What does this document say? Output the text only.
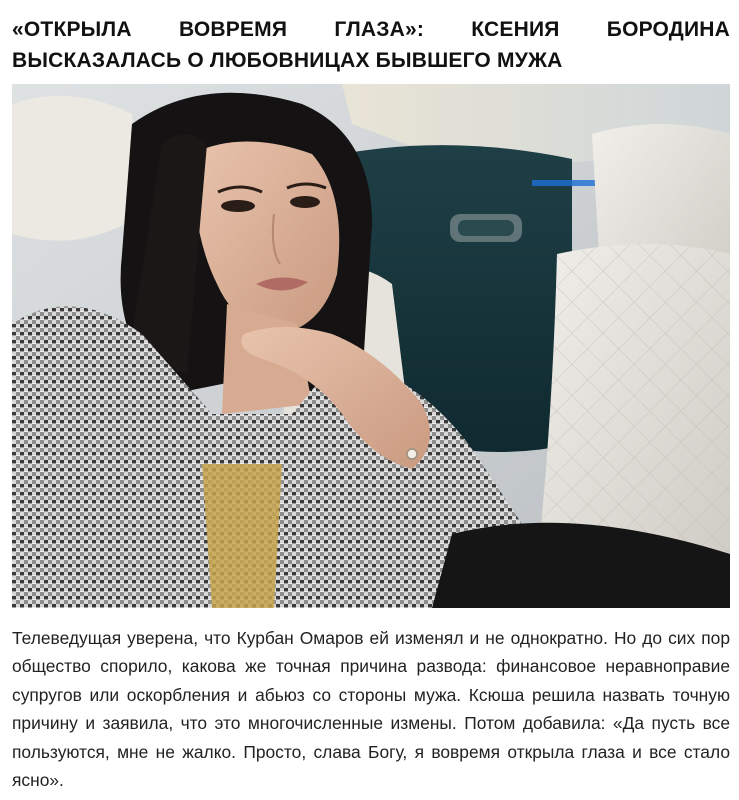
«ОТКРЫЛА ВОВРЕМЯ ГЛАЗА»: КСЕНИЯ БОРОДИНА ВЫСКАЗАЛАСЬ О ЛЮБОВНИЦАХ БЫВШЕГО МУЖА

Телеведущая уверена, что Курбан Омаров ей изменял и не однократно. Но до сих пор общество спорило, какова же точная причина развода: финансовое неравноправие супругов или оскорбления и абьюз со стороны мужа. Ксюша решила назвать точную причину и заявила, что это многочисленные измены. Потом добавила: «Да пусть все пользуются, мне не жалко. Просто, слава Богу, я вовремя открыла глаза и все стало ясно».
